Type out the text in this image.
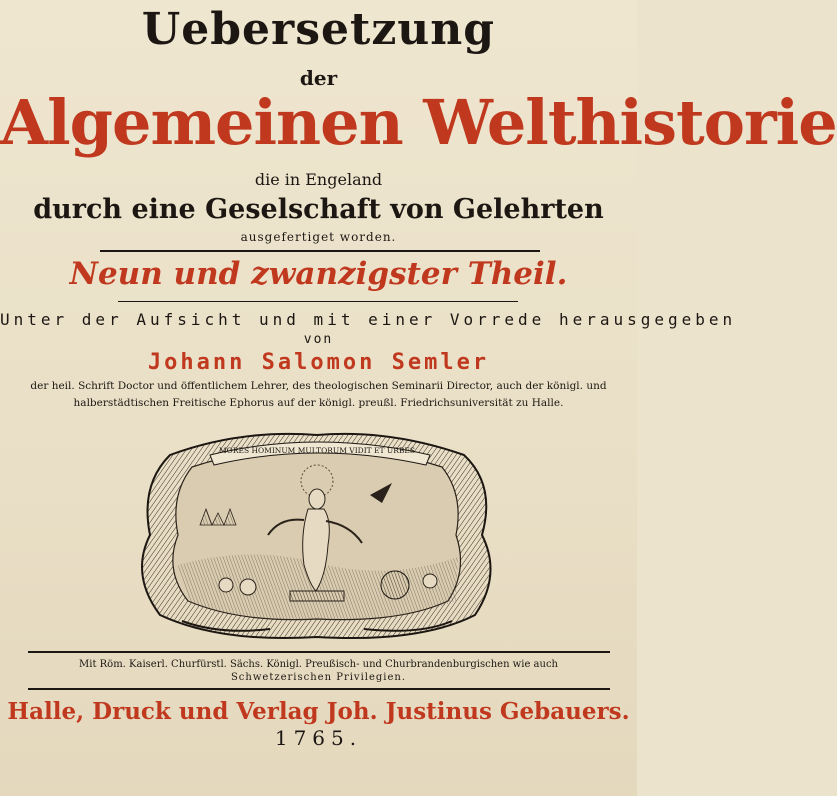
Uebersetzung
der
Algemeinen Welthistorie
die in Engeland
durch eine Geselschaft von Gelehrten
ausgefertiget worden.
Neun und zwanzigster Theil.
Unter der Aufsicht und mit einer Vorrede herausgegeben
von
Johann Salomon Semler
der heil. Schrift Doctor und öffentlichem Lehrer, des theologischen Seminarii Director, auch der königl. und
halberstädtischen Freitische Ephorus auf der königl. preußl. Friedrichsuniversität zu Halle.
MORES HOMINUM MULTORUM VIDIT ET URBES
Mit Röm. Kaiserl. Churfürstl. Sächs. Königl. Preußisch- und Churbrandenburgischen wie auch
Schwetzerischen Privilegien.
Halle, Druck und Verlag Joh. Justinus Gebauers.
1765.
